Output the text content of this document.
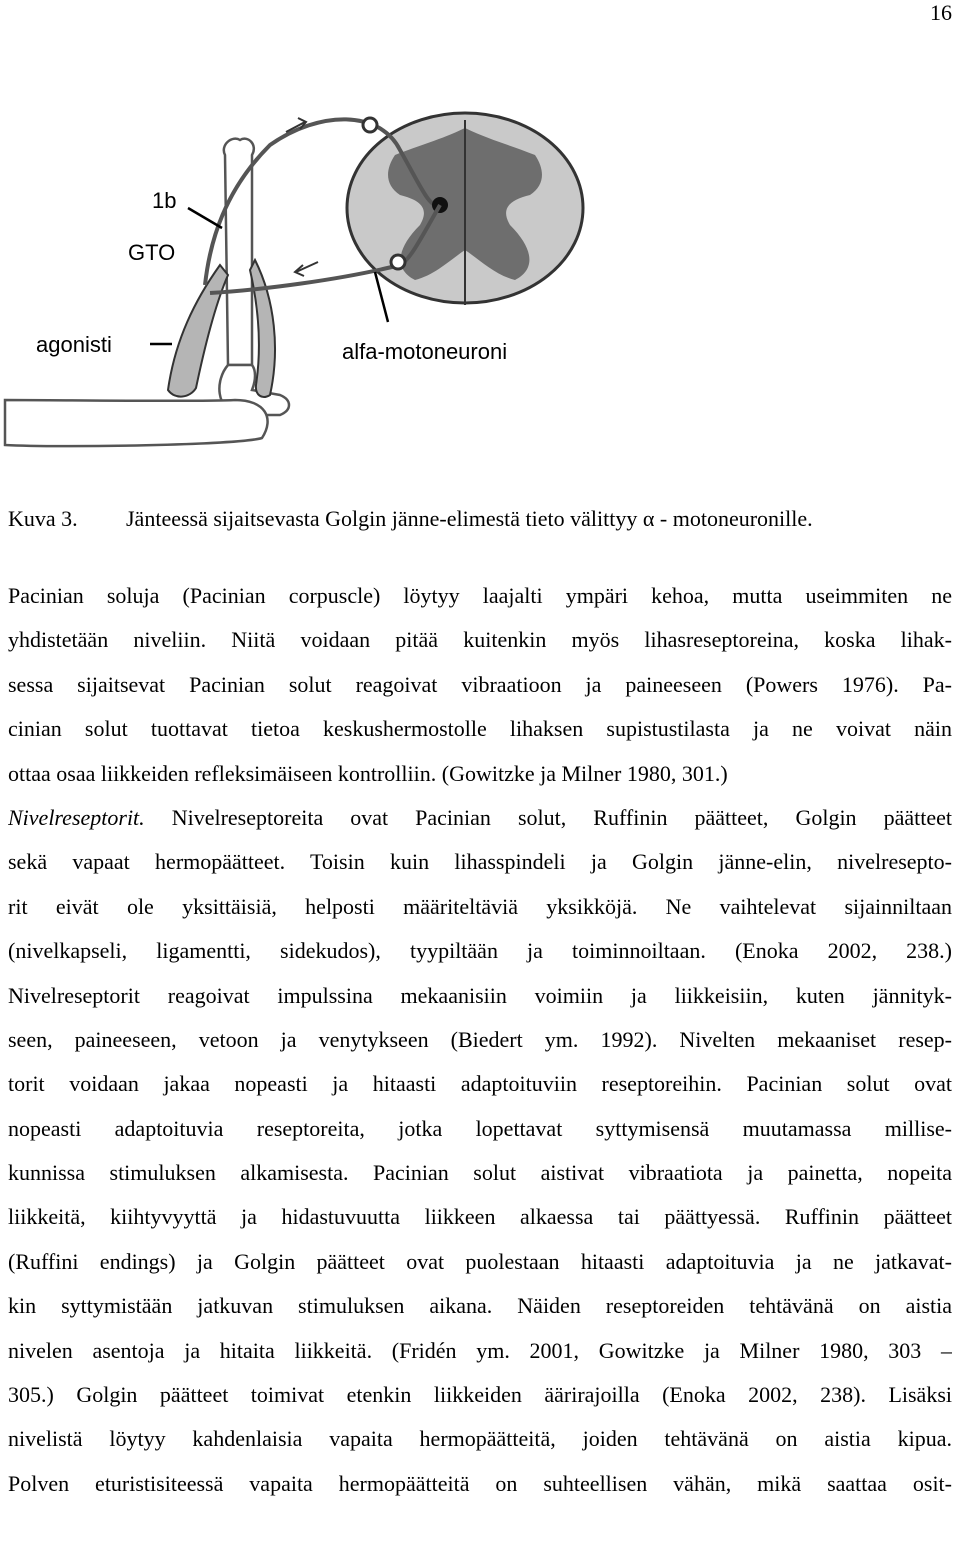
16
1b
GTO
agonisti	alfa-motoneuroni
Kuva 3. Jänteessä sijaitsevasta Golgin jänne-elimestä tieto välittyy α - motoneuronille.
Pacinian soluja (Pacinian corpuscle) löytyy laajalti ympäri kehoa, mutta useimmiten ne
yhdistetään niveliin. Niitä voidaan pitää kuitenkin myös lihasreseptoreina, koska lihak-
sessa sijaitsevat Pacinian solut reagoivat vibraatioon ja paineeseen (Powers 1976). Pa-
cinian solut tuottavat tietoa keskushermostolle lihaksen supistustilasta ja ne voivat näin
ottaa osaa liikkeiden refleksimäiseen kontrolliin. (Gowitzke ja Milner 1980, 301.)
Nivelreseptorit. Nivelreseptoreita ovat Pacinian solut, Ruffinin päätteet, Golgin päätteet
sekä vapaat hermopäätteet. Toisin kuin lihasspindeli ja Golgin jänne-elin, nivelresepto-
rit eivät ole yksittäisiä, helposti määriteltäviä yksikköjä. Ne vaihtelevat sijainniltaan
(nivelkapseli, ligamentti, sidekudos), tyypiltään ja toiminnoiltaan. (Enoka 2002, 238.)
Nivelreseptorit reagoivat impulssina mekaanisiin voimiin ja liikkeisiin, kuten jännityk-
seen, paineeseen, vetoon ja venytykseen (Biedert ym. 1992). Nivelten mekaaniset resep-
torit voidaan jakaa nopeasti ja hitaasti adaptoituviin reseptoreihin. Pacinian solut ovat
nopeasti adaptoituvia reseptoreita, jotka lopettavat syttymisensä muutamassa millise-
kunnissa stimuluksen alkamisesta. Pacinian solut aistivat vibraatiota ja painetta, nopeita
liikkeitä, kiihtyvyyttä ja hidastuvuutta liikkeen alkaessa tai päättyessä. Ruffinin päätteet
(Ruffini endings) ja Golgin päätteet ovat puolestaan hitaasti adaptoituvia ja ne jatkavat-
kin syttymistään jatkuvan stimuluksen aikana. Näiden reseptoreiden tehtävänä on aistia
nivelen asentoja ja hitaita liikkeitä. (Fridén ym. 2001, Gowitzke ja Milner 1980, 303 –
305.) Golgin päätteet toimivat etenkin liikkeiden äärirajoilla (Enoka 2002, 238). Lisäksi
nivelistä löytyy kahdenlaisia vapaita hermopäätteitä, joiden tehtävänä on aistia kipua.
Polven eturistisiteessä vapaita hermopäätteitä on suhteellisen vähän, mikä saattaa osit-
